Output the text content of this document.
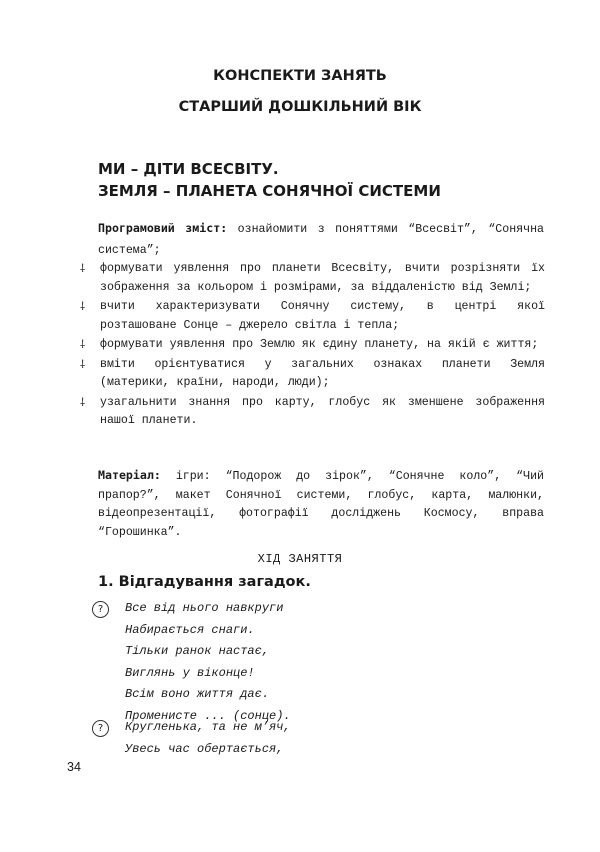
КОНСПЕКТИ ЗАНЯТЬ
СТАРШИЙ ДОШКІЛЬНИЙ ВІК
МИ – ДІТИ ВСЕСВІТУ.
ЗЕМЛЯ – ПЛАНЕТА СОНЯЧНОЇ СИСТЕМИ
Програмовий зміст: ознайомити з поняттями “Всесвіт”, “Сонячна система”;
⸸	формувати уявлення про планети Всесвіту, вчити розрізняти їх зображення за кольором і розмірами, за віддаленістю від Землі;
⸸	вчити характеризувати Сонячну систему, в центрі якої розташоване Сонце – джерело світла і тепла;
⸸	формувати уявлення про Землю як єдину планету, на якій є життя;
⸸	вміти орієнтуватися у загальних ознаках планети Земля (материки, країни, народи, люди);
⸸	узагальнити знання про карту, глобус як зменшене зображення нашої планети.
Матеріал: ігри: “Подорож до зірок”, “Сонячне коло”, “Чий прапор?”, макет Сонячної системи, глобус, карта, малюнки, відеопрезентації, фотографії досліджень Космосу, вправа “Горошинка”.
ХІД ЗАНЯТТЯ
1. Відгадування загадок.
?	Все від нього навкруги
Набирається снаги.
Тільки ранок настає,
Виглянь у віконце!
Всім воно життя дає.
Променисте ... (сонце).
?	Кругленька, та не м’яч,
Увесь час обертається,
34
